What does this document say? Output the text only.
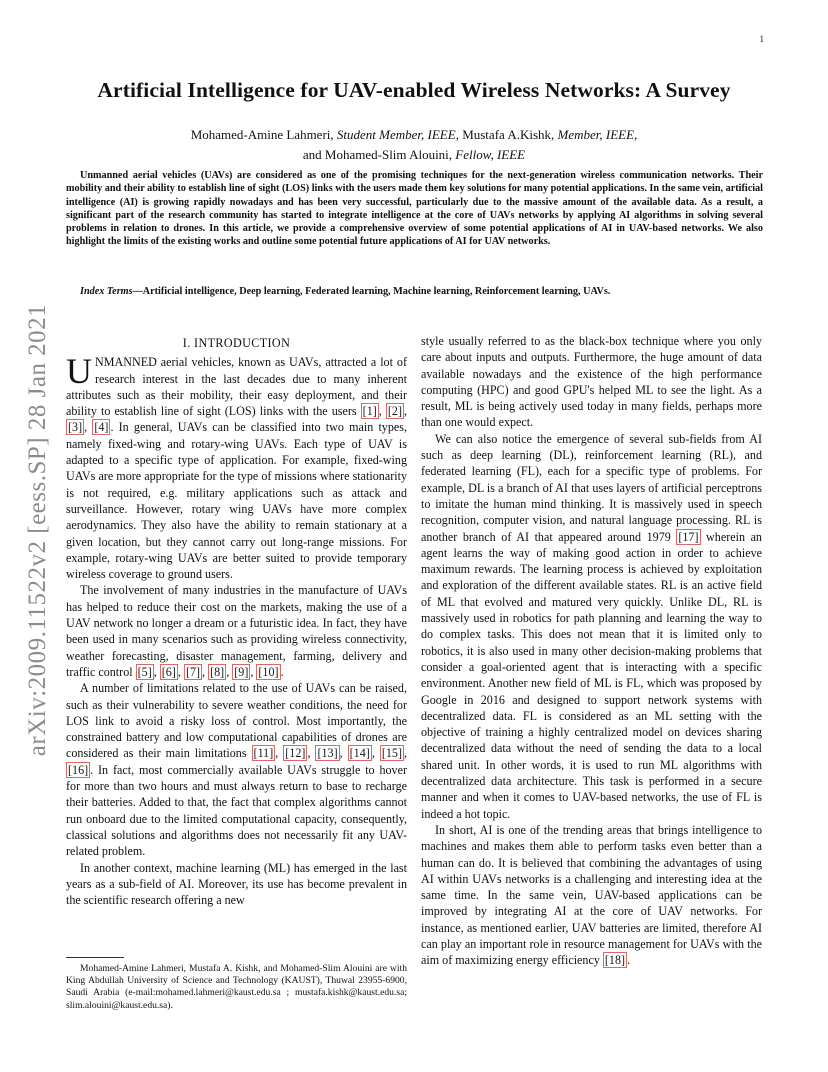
1
arXiv:2009.11522v2 [eess.SP] 28 Jan 2021
Artificial Intelligence for UAV-enabled Wireless Networks: A Survey
Mohamed-Amine Lahmeri, Student Member, IEEE, Mustafa A.Kishk, Member, IEEE,
and Mohamed-Slim Alouini, Fellow, IEEE
Unmanned aerial vehicles (UAVs) are considered as one of the promising techniques for the next-generation wireless communication networks. Their mobility and their ability to establish line of sight (LOS) links with the users made them key solutions for many potential applications. In the same vein, artificial intelligence (AI) is growing rapidly nowadays and has been very successful, particularly due to the massive amount of the available data. As a result, a significant part of the research community has started to integrate intelligence at the core of UAVs networks by applying AI algorithms in solving several problems in relation to drones. In this article, we provide a comprehensive overview of some potential applications of AI in UAV-based networks. We also highlight the limits of the existing works and outline some potential future applications of AI for UAV networks.
Index Terms—Artificial intelligence, Deep learning, Federated learning, Machine learning, Reinforcement learning, UAVs.
I. INTRODUCTION

UNMANNED aerial vehicles, known as UAVs, attracted a lot of research interest in the last decades due to many inherent attributes such as their mobility, their easy deployment, and their ability to establish line of sight (LOS) links with the users [1] , [2] , [3] , [4] . In general, UAVs can be classified into two main types, namely fixed-wing and rotary-wing UAVs. Each type of UAV is adapted to a specific type of application. For example, fixed-wing UAVs are more appropriate for the type of missions where stationarity is not required, e.g. military applications such as attack and surveillance. However, rotary wing UAVs have more complex aerodynamics. They also have the ability to remain stationary at a given location, but they cannot carry out long-range missions. For example, rotary-wing UAVs are better suited to provide temporary wireless coverage to ground users.

The involvement of many industries in the manufacture of UAVs has helped to reduce their cost on the markets, making the use of a UAV network no longer a dream or a futuristic idea. In fact, they have been used in many scenarios such as providing wireless connectivity, weather forecasting, disaster management, farming, delivery and traffic control [5] , [6] , [7] , [8] , [9] , [10] .

A number of limitations related to the use of UAVs can be raised, such as their vulnerability to severe weather conditions, the need for LOS link to avoid a risky loss of control. Most importantly, the constrained battery and low computational capabilities of drones are considered as their main limitations [11] , [12] , [13] , [14] , [15] , [16] . In fact, most commercially available UAVs struggle to hover for more than two hours and must always return to base to recharge their batteries. Added to that, the fact that complex algorithms cannot run onboard due to the limited computational capacity, consequently, classical solutions and algorithms does not necessarily fit any UAV-related problem.

In another context, machine learning (ML) has emerged in the last years as a sub-field of AI. Moreover, its use has become prevalent in the scientific research offering a new

Mohamed-Amine Lahmeri, Mustafa A. Kishk, and Mohamed-Slim Alouini are with King Abdullah University of Science and Technology (KAUST), Thuwal 23955-6900, Saudi Arabia (e-mail:mohamed.lahmeri@kaust.edu.sa ; mustafa.kishk@kaust.edu.sa; slim.alouini@kaust.edu.sa).

style usually referred to as the black-box technique where you only care about inputs and outputs. Furthermore, the huge amount of data available nowadays and the existence of the high performance computing (HPC) and good GPU's helped ML to see the light. As a result, ML is being actively used today in many fields, perhaps more than one would expect.

We can also notice the emergence of several sub-fields from AI such as deep learning (DL), reinforcement learning (RL), and federated learning (FL), each for a specific type of problems. For example, DL is a branch of AI that uses layers of artificial perceptrons to imitate the human mind thinking. It is massively used in speech recognition, computer vision, and natural language processing. RL is another branch of AI that appeared around 1979 [17] wherein an agent learns the way of making good action in order to achieve maximum rewards. The learning process is achieved by exploitation and exploration of the different available states. RL is an active field of ML that evolved and matured very quickly. Unlike DL, RL is massively used in robotics for path planning and learning the way to do complex tasks. This does not mean that it is limited only to robotics, it is also used in many other decision-making problems that consider a goal-oriented agent that is interacting with a specific environment. Another new field of ML is FL, which was proposed by Google in 2016 and designed to support network systems with decentralized data. FL is considered as an ML setting with the objective of training a highly centralized model on devices sharing decentralized data without the need of sending the data to a local shared unit. In other words, it is used to run ML algorithms with decentralized data architecture. This task is performed in a secure manner and when it comes to UAV-based networks, the use of FL is indeed a hot topic.

In short, AI is one of the trending areas that brings intelligence to machines and makes them able to perform tasks even better than a human can do. It is believed that combining the advantages of using AI within UAVs networks is a challenging and interesting idea at the same time. In the same vein, UAV-based applications can be improved by integrating AI at the core of UAV networks. For instance, as mentioned earlier, UAV batteries are limited, therefore AI can play an important role in resource management for UAVs with the aim of maximizing energy efficiency [18] .
